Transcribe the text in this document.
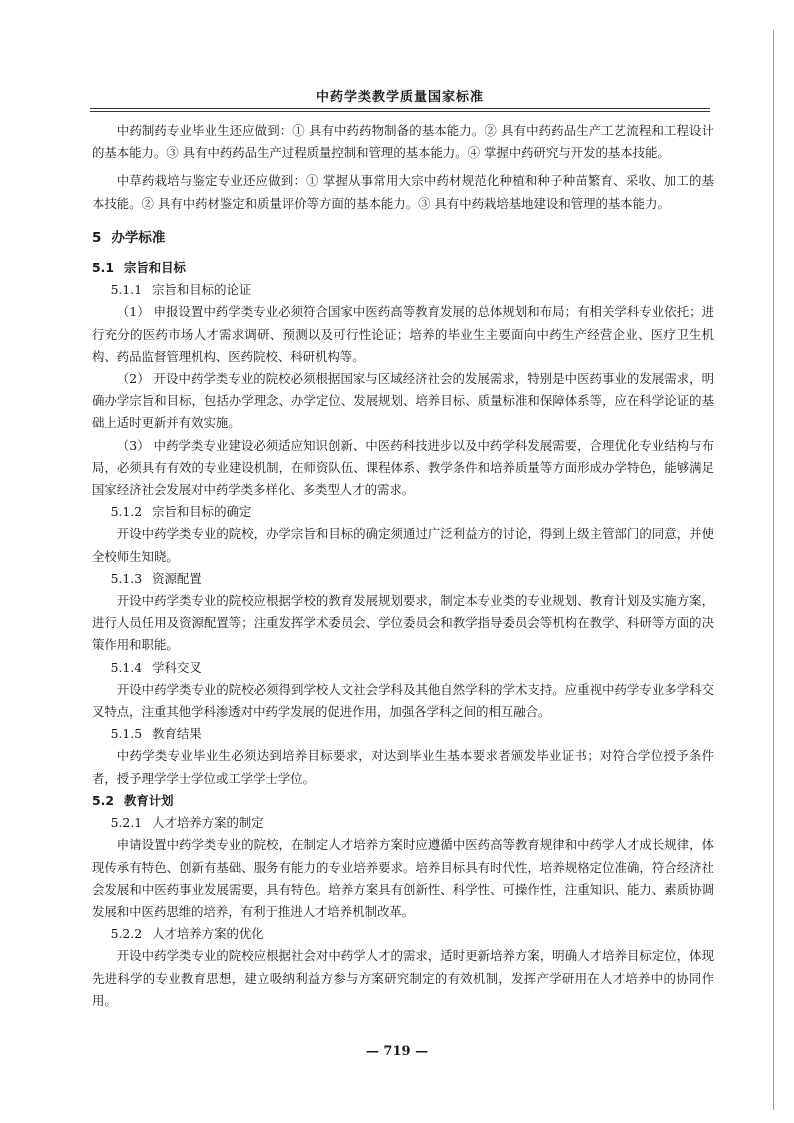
中药学类教学质量国家标准

中药制药专业毕业生还应做到：① 具有中药药物制备的基本能力。② 具有中药药品生产工艺流程和工程设计的基本能力。③ 具有中药药品生产过程质量控制和管理的基本能力。④ 掌握中药研究与开发的基本技能。

中草药栽培与鉴定专业还应做到：① 掌握从事常用大宗中药材规范化种植和种子种苗繁育、采收、加工的基本技能。② 具有中药材鉴定和质量评价等方面的基本能力。③ 具有中药栽培基地建设和管理的基本能力。

5 办学标准
5.1 宗旨和目标
5.1.1 宗旨和目标的论证

（1） 申报设置中药学类专业必须符合国家中医药高等教育发展的总体规划和布局；有相关学科专业依托；进行充分的医药市场人才需求调研、预测以及可行性论证；培养的毕业生主要面向中药生产经营企业、医疗卫生机构、药品监督管理机构、医药院校、科研机构等。

（2） 开设中药学类专业的院校必须根据国家与区域经济社会的发展需求，特别是中医药事业的发展需求，明确办学宗旨和目标，包括办学理念、办学定位、发展规划、培养目标、质量标准和保障体系等，应在科学论证的基础上适时更新并有效实施。

（3） 中药学类专业建设必须适应知识创新、中医药科技进步以及中药学科发展需要，合理优化专业结构与布局，必须具有有效的专业建设机制，在师资队伍、课程体系、教学条件和培养质量等方面形成办学特色，能够满足国家经济社会发展对中药学类多样化、多类型人才的需求。

5.1.2 宗旨和目标的确定

开设中药学类专业的院校，办学宗旨和目标的确定须通过广泛利益方的讨论，得到上级主管部门的同意，并使全校师生知晓。

5.1.3 资源配置

开设中药学类专业的院校应根据学校的教育发展规划要求，制定本专业类的专业规划、教育计划及实施方案，进行人员任用及资源配置等；注重发挥学术委员会、学位委员会和教学指导委员会等机构在教学、科研等方面的决策作用和职能。

5.1.4 学科交叉

开设中药学类专业的院校必须得到学校人文社会学科及其他自然学科的学术支持。应重视中药学专业多学科交叉特点，注重其他学科渗透对中药学发展的促进作用，加强各学科之间的相互融合。

5.1.5 教育结果

中药学类专业毕业生必须达到培养目标要求，对达到毕业生基本要求者颁发毕业证书；对符合学位授予条件者，授予理学学士学位或工学学士学位。

5.2 教育计划
5.2.1 人才培养方案的制定

申请设置中药学类专业的院校，在制定人才培养方案时应遵循中医药高等教育规律和中药学人才成长规律，体现传承有特色、创新有基础、服务有能力的专业培养要求。培养目标具有时代性，培养规格定位准确，符合经济社会发展和中医药事业发展需要，具有特色。培养方案具有创新性、科学性、可操作性，注重知识、能力、素质协调发展和中医药思维的培养，有利于推进人才培养机制改革。

5.2.2 人才培养方案的优化

开设中药学类专业的院校应根据社会对中药学人才的需求，适时更新培养方案，明确人才培养目标定位，体现先进科学的专业教育思想，建立吸纳利益方参与方案研究制定的有效机制，发挥产学研用在人才培养中的协同作用。

— 719 —
